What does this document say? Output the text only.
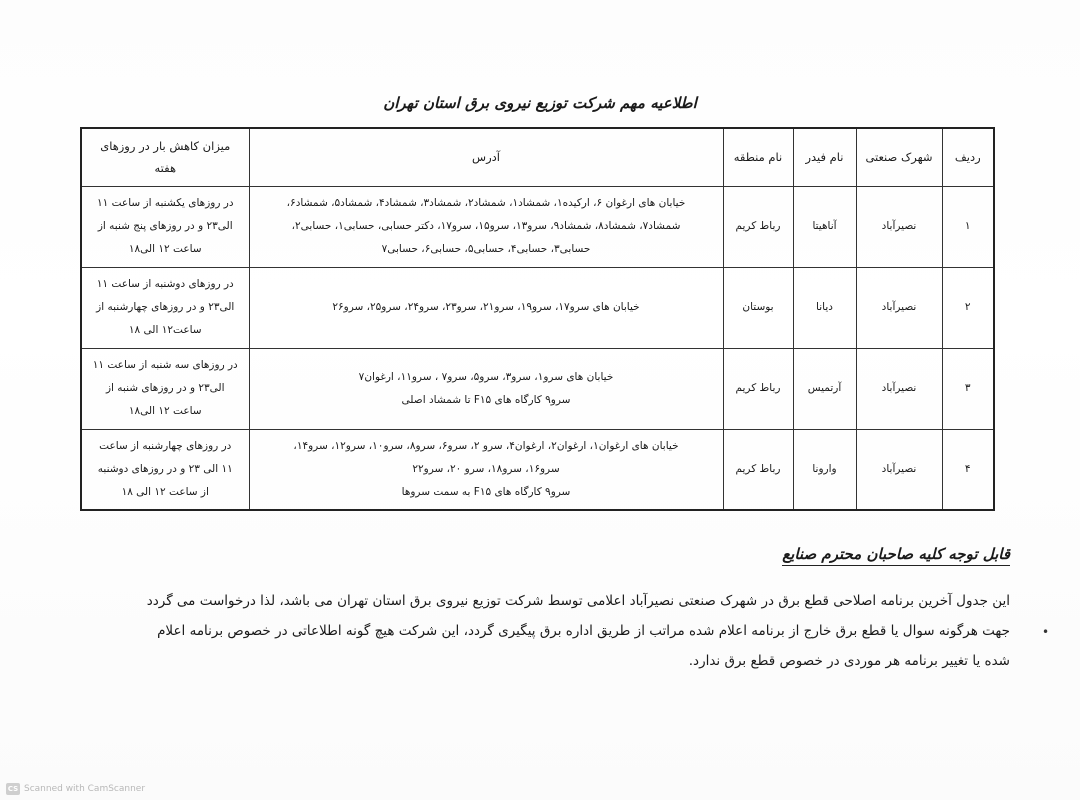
اطلاعیه مهم شرکت توزیع نیروی برق استان تهران
ردیف	شهرک صنعتی	نام فیدر	نام منطقه	آدرس	میزان کاهش بار در روزهای هفته
۱	نصیرآباد	آناهیتا	رباط کریم	خیابان های ارغوان ۶، ارکیده۱، شمشاد۱، شمشاد۲، شمشاد۳، شمشاد۴، شمشاد۵، شمشاد۶،
شمشاد۷، شمشاد۸، شمشاد۹، سرو۱۳، سرو۱۵، سرو۱۷، دکتر حسابی، حسابی۱، حسابی۲،
حسابی۳، حسابی۴، حسابی۵، حسابی۶، حسابی۷	در روزهای یکشنبه از ساعت ۱۱
الی۲۳ و در روزهای پنج شنبه از
ساعت ۱۲ الی۱۸

۲	نصیرآباد	دیانا	بوستان	خیابان های سرو۱۷، سرو۱۹، سرو۲۱، سرو۲۳، سرو۲۴، سرو۲۵، سرو۲۶	در روزهای دوشنبه از ساعت ۱۱
الی۲۳ و در روزهای چهارشنبه از
ساعت۱۲ الی ۱۸

۳	نصیرآباد	آرتمیس	رباط کریم	خیابان های سرو۱، سرو۳، سرو۵، سرو۷ ، سرو۱۱، ارغوان۷
سرو۹ کارگاه های F۱۵ تا شمشاد اصلی	در روزهای سه شنبه از ساعت ۱۱
الی۲۳ و در روزهای شنبه از
ساعت ۱۲ الی۱۸

۴	نصیرآباد	وارونا	رباط کریم	خیابان های ارغوان۱، ارغوان۲، ارغوان۴، سرو ۲، سرو۶، سرو۸، سرو۱۰، سرو۱۲، سرو۱۴،
سرو۱۶، سرو۱۸، سرو ۲۰، سرو۲۲
سرو۹ کارگاه های F۱۵ به سمت سروها	در روزهای چهارشنبه از ساعت
۱۱ الی ۲۳ و در روزهای دوشنبه
از ساعت ۱۲ الی ۱۸
قابل توجه کلیه صاحبان محترم صنایع
این جدول آخرین برنامه اصلاحی قطع برق در شهرک صنعتی نصیرآباد اعلامی توسط شرکت توزیع نیروی برق استان تهران می باشد، لذا درخواست می گردد
جهت هرگونه سوال یا قطع برق خارج از برنامه اعلام شده مراتب از طریق اداره برق پیگیری گردد، این شرکت هیچ گونه اطلاعاتی در خصوص برنامه اعلام
شده یا تغییر برنامه هر موردی در خصوص قطع برق ندارد.
•
CS Scanned with CamScanner
